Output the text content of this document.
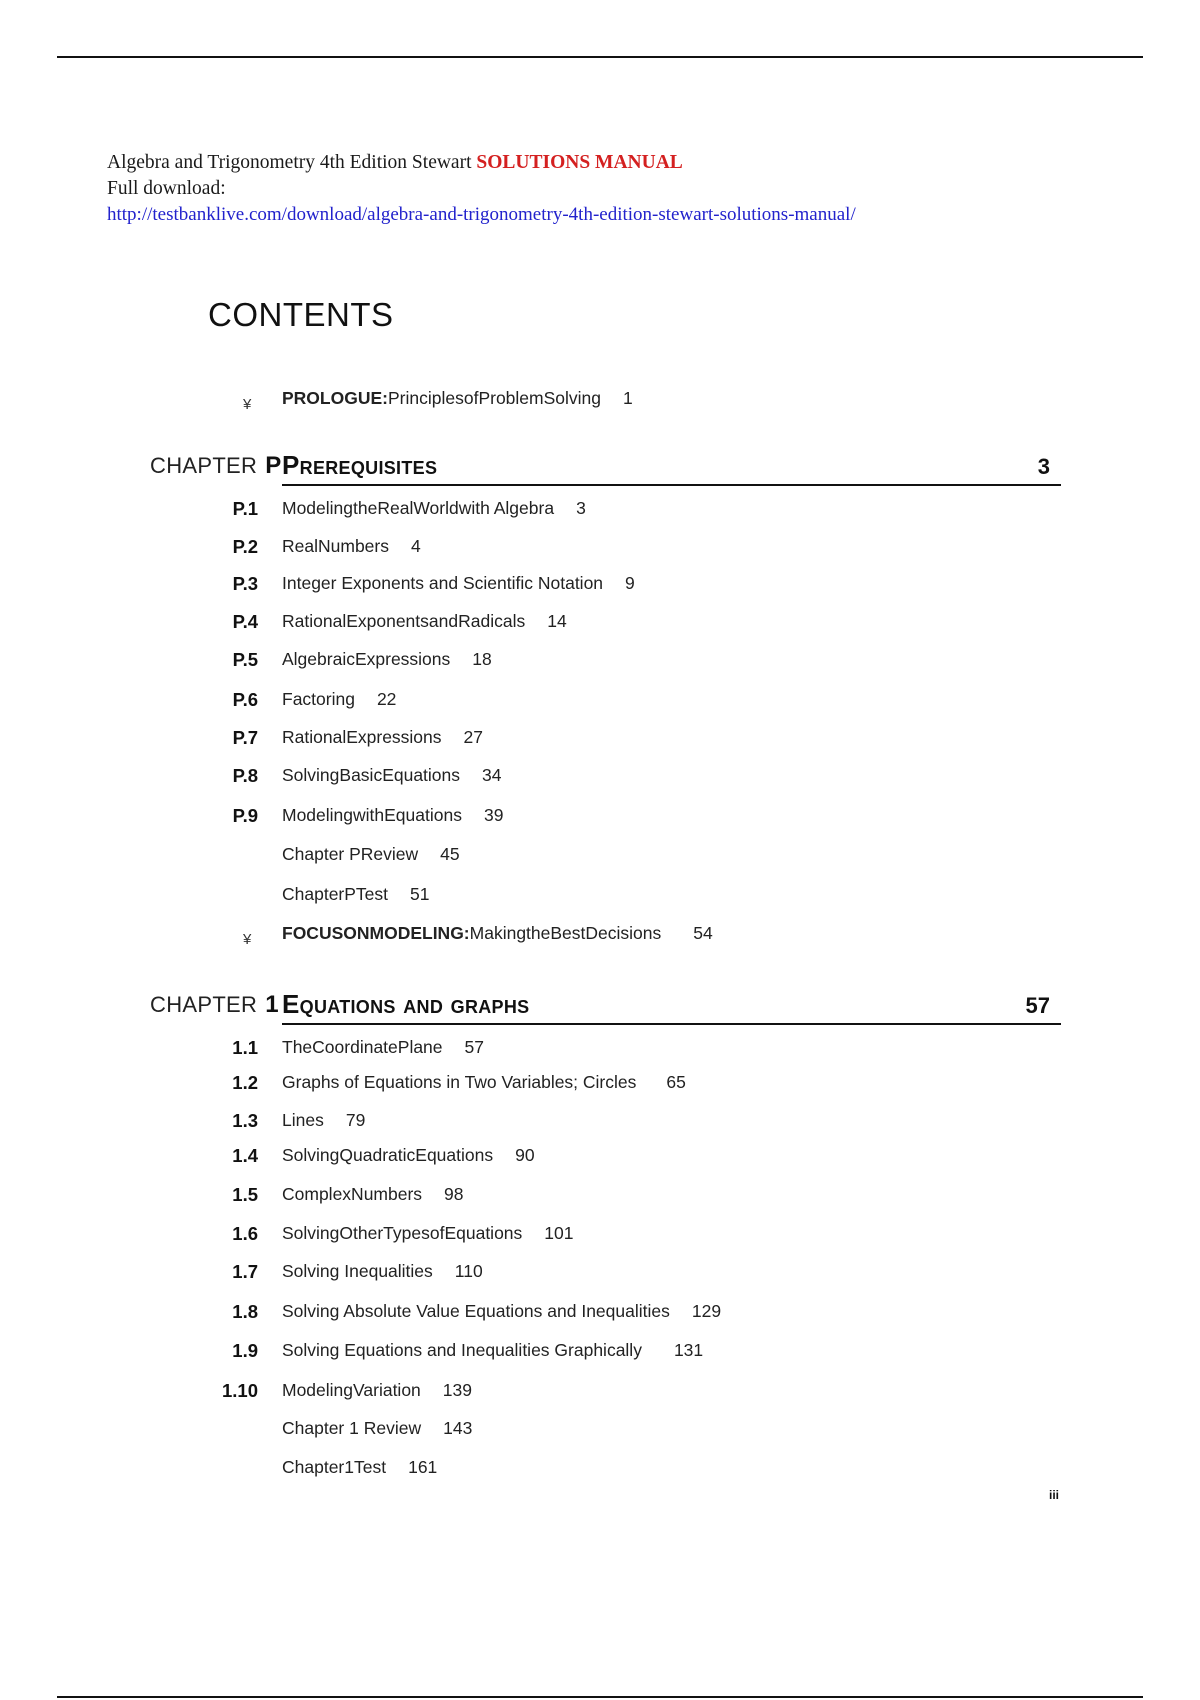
Algebra and Trigonometry 4th Edition Stewart SOLUTIONS MANUAL
Full download:
http://testbanklive.com/download/algebra-and-trigonometry-4th-edition-stewart-solutions-manual/
CONTENTS
¥ PROLOGUE:PrinciplesofProblemSolving 1
CHAPTER P Prerequisites	3
P.1 ModelingtheRealWorldwith Algebra 3
P.2 RealNumbers 4
P.3 Integer Exponents and Scientific Notation 9
P.4 RationalExponentsandRadicals 14
P.5 AlgebraicExpressions 18
P.6 Factoring 22
P.7 RationalExpressions 27
P.8 SolvingBasicEquations 34
P.9 ModelingwithEquations 39
Chapter PReview 45
ChapterPTest 51
¥ FOCUSONMODELING:MakingtheBestDecisions 54
CHAPTER 1 Equations and graphs	57
1.1 TheCoordinatePlane 57
1.2 Graphs of Equations in Two Variables; Circles 65
1.3 Lines 79
1.4 SolvingQuadraticEquations 90
1.5 ComplexNumbers 98
1.6 SolvingOtherTypesofEquations 101
1.7 Solving Inequalities 110
1.8 Solving Absolute Value Equations and Inequalities 129
1.9 Solving Equations and Inequalities Graphically 131
1.10 ModelingVariation 139
Chapter 1 Review 143
Chapter1Test 161
iii
